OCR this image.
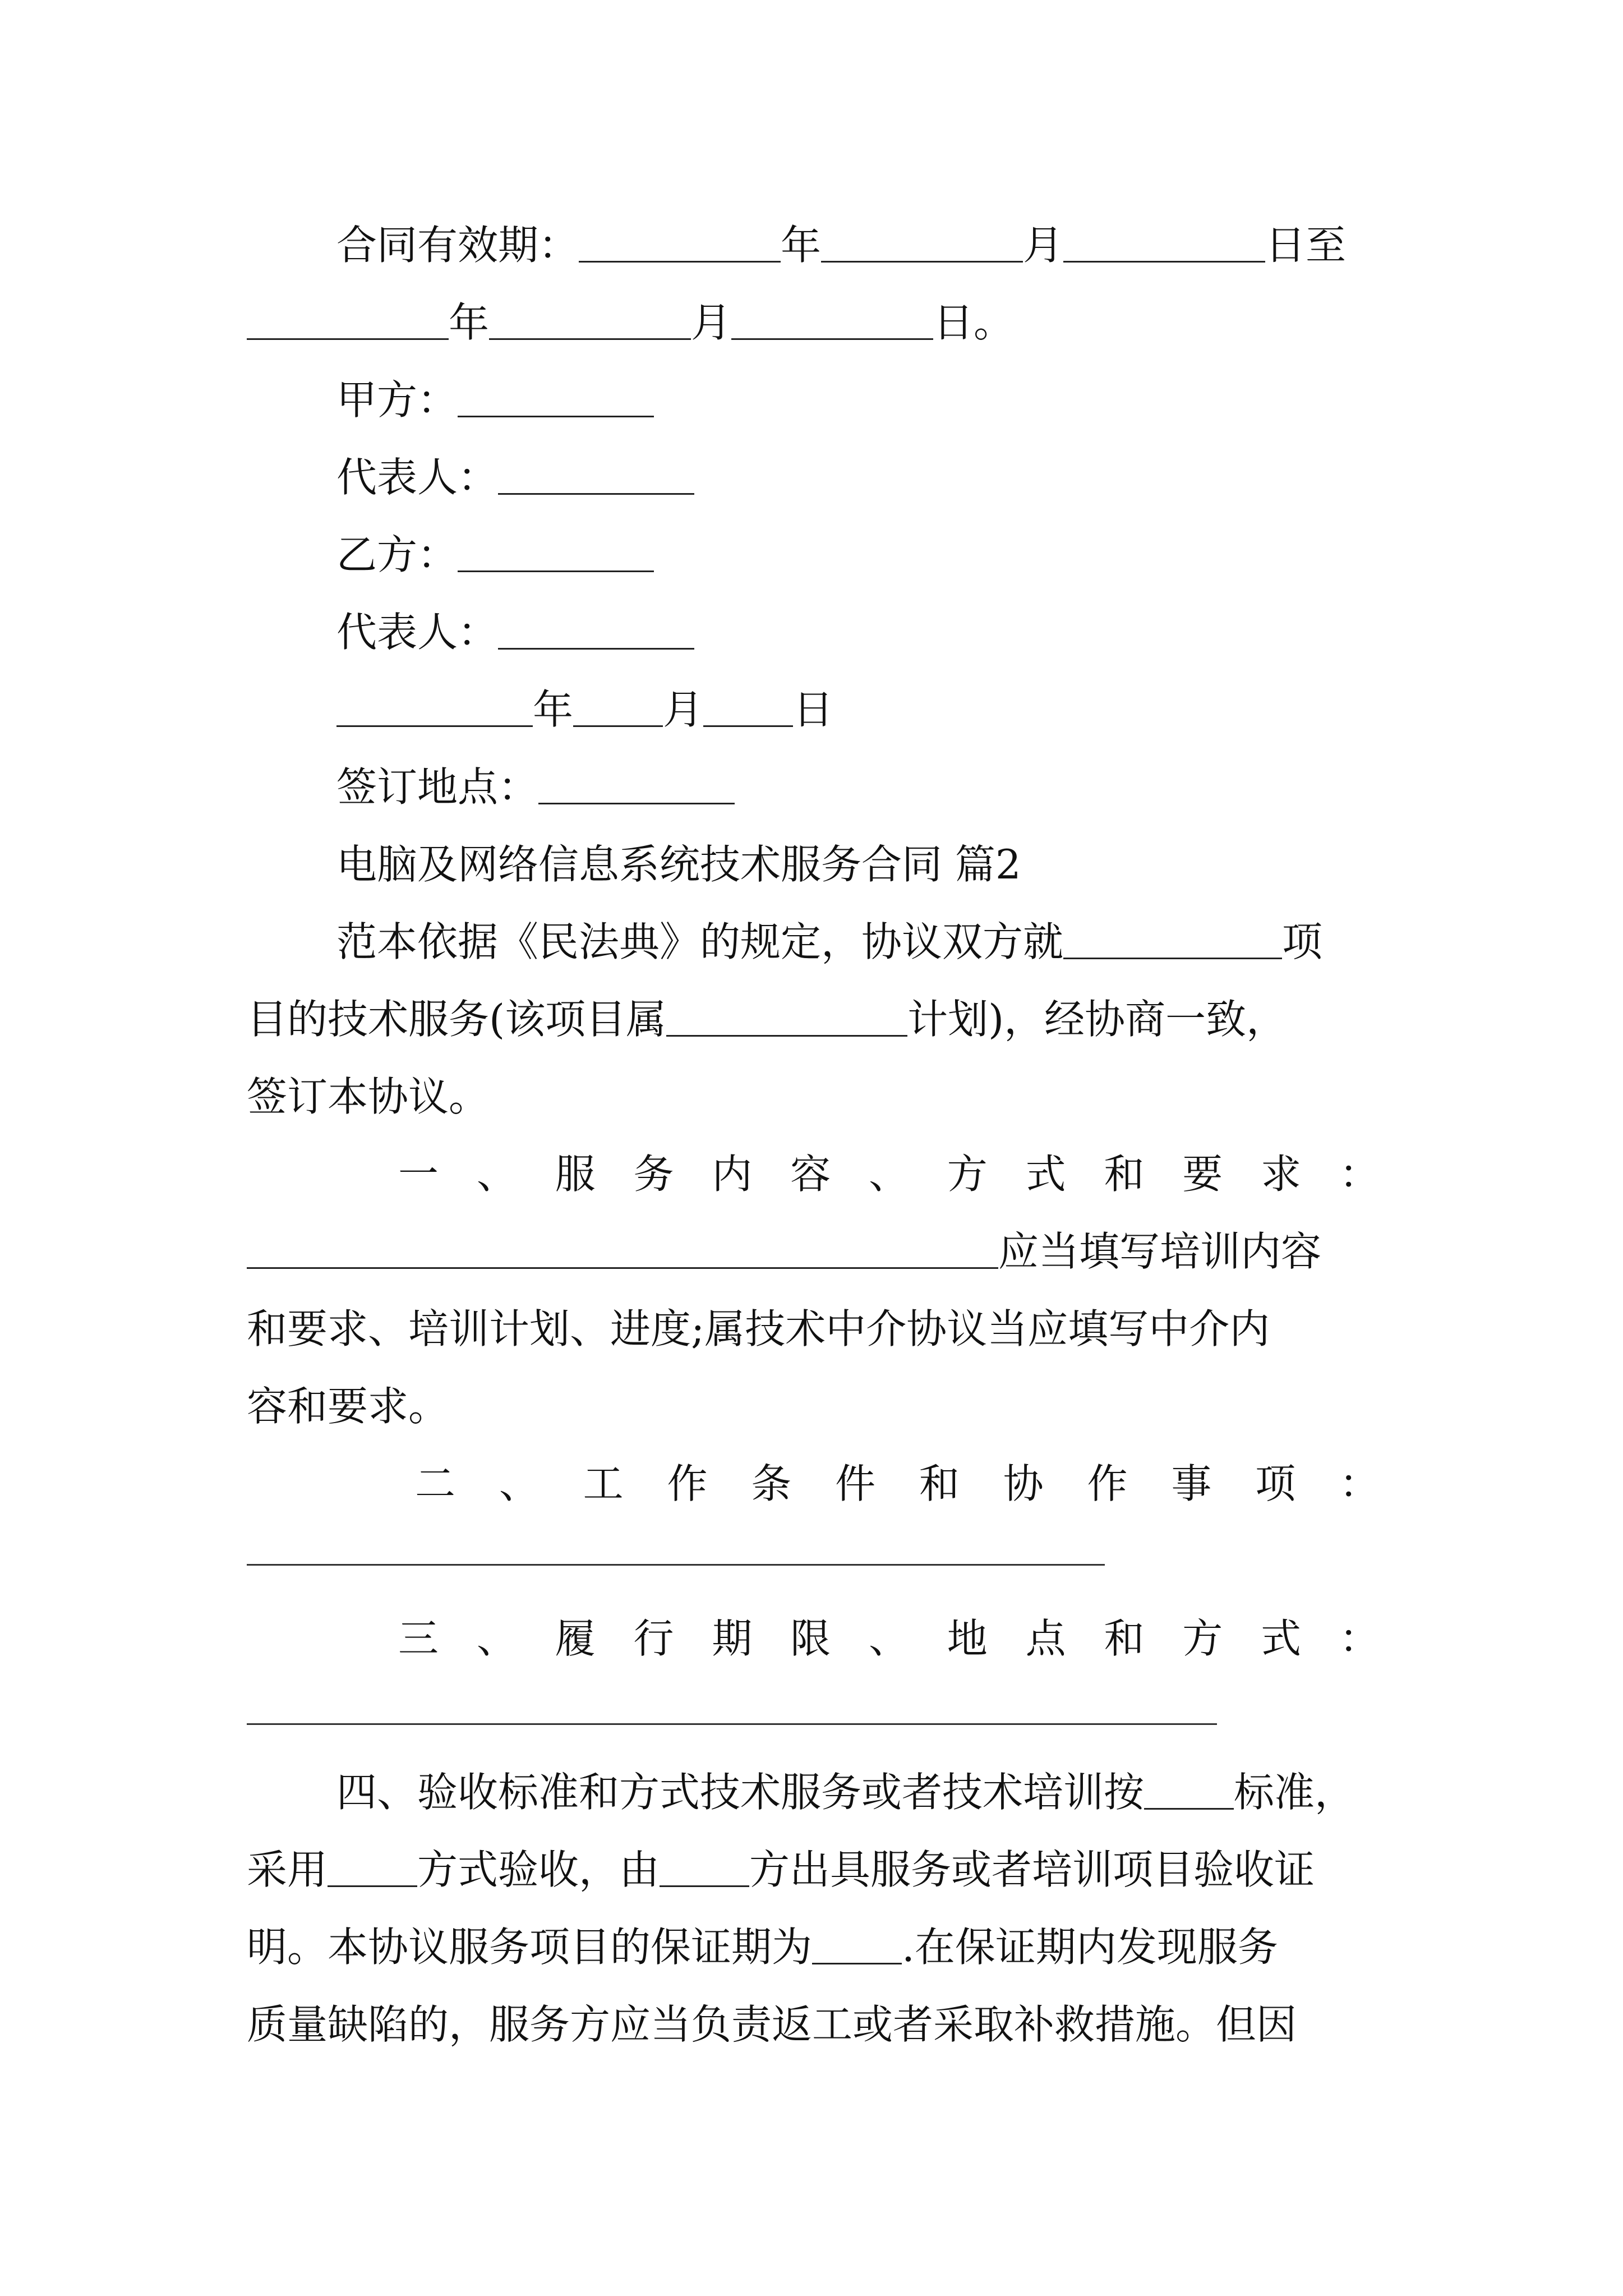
合同有效期：	年	月	日至
年	月	日。
甲方：
代表人：
乙方：
代表人：
年 月 日
签订地点：
电脑及网络信息系统技术服务合同 篇2
范本依据《民法典》的规定，协议双方就	项
目的技术服务(该项目属	计划)，经协商一致，
签订本协议。
一 、 服 务 内 容 、 方 式 和 要 求 ：
应当填写培训内容
和要求、培训计划、进度;属技术中介协议当应填写中介内
容和要求。
二 、 工 作 条 件 和 协 作 事 项 ：
三 、 履 行 期 限 、 地 点 和 方 式 ：
四、验收标准和方式技术服务或者技术培训按 标准，
采用 方式验收，由 方出具服务或者培训项目验收证
明。本协议服务项目的保证期为 .在保证期内发现服务
质量缺陷的，服务方应当负责返工或者采取补救措施。但因
